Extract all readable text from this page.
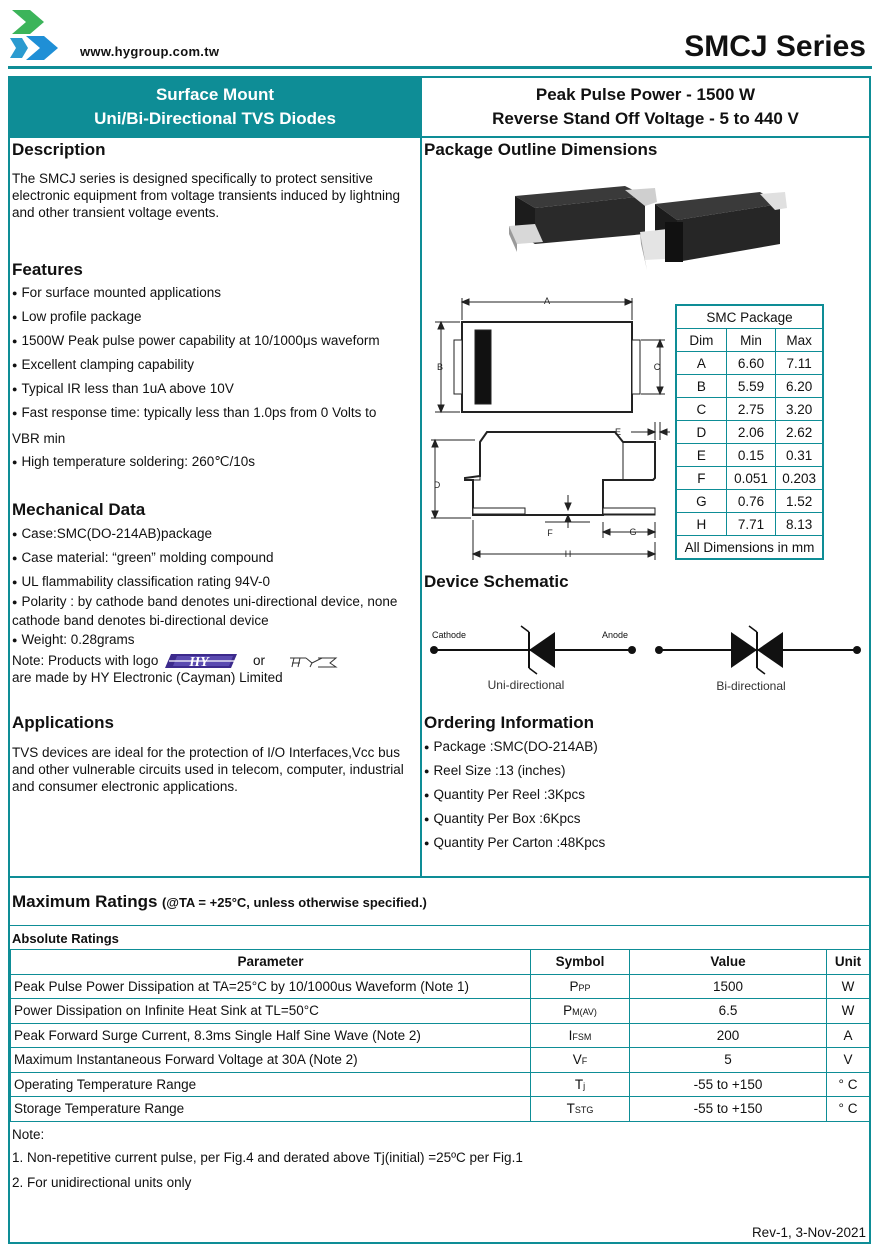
www.hygroup.com.tw	SMCJ Series
Surface Mount
Uni/Bi-Directional TVS Diodes
Peak Pulse Power - 1500 W
Reverse Stand Off Voltage - 5 to 440 V
Description
The SMCJ series is designed specifically to protect sensitive electronic equipment from voltage transients induced by lightning and other transient voltage events.
Features
● For surface mounted applications
● Low profile package
● 1500W Peak pulse power capability at 10/1000μs waveform
● Excellent clamping capability
● Typical IR less than 1uA above 10V
● Fast response time: typically less than 1.0ps from 0 Volts to
VBR min
● High temperature soldering: 260℃/10s
Mechanical Data
● Case:SMC(DO-214AB)package
● Case material: “green” molding compound
● UL flammability classification rating 94V-0
● Polarity : by cathode band denotes uni-directional device, none cathode band denotes bi-directional device
● Weight: 0.28grams
Note: Products with logo HY	or
are made by HY Electronic (Cayman) Limited
Applications
TVS devices are ideal for the protection of I/O Interfaces,Vcc bus and other vulnerable circuits used in telecom, computer, industrial and consumer electronic applications.
Package Outline Dimensions
A
B	C
D
E
F	G
H
SMC Package		
Dim	Min	Max
A	6.60	7.11
B	5.59	6.20
C	2.75	3.20
D	2.06	2.62
E	0.15	0.31
F	0.051	0.203
G	0.76	1.52
H	7.71	8.13
All Dimensions in mm		
Device Schematic
Cathode	Anode
Uni-directional	Bi-directional
Ordering Information
● Package :SMC(DO-214AB)
● Reel Size :13 (inches)
● Quantity Per Reel :3Kpcs
● Quantity Per Box :6Kpcs
● Quantity Per Carton :48Kpcs
Maximum Ratings (@TA = +25°C, unless otherwise specified.)
Absolute Ratings
Parameter	Symbol	Value	Unit
Peak Pulse Power Dissipation at TA=25°C by 10/1000us Waveform (Note 1)	PPP	1500	W
Power Dissipation on Infinite Heat Sink at TL=50°C	PM(AV)	6.5	W
Peak Forward Surge Current, 8.3ms Single Half Sine Wave (Note 2)	IFSM	200	A
Maximum Instantaneous Forward Voltage at 30A (Note 2)	VF	5	V
Operating Temperature Range	Tj	-55 to +150	° C
Storage Temperature Range	TSTG	-55 to +150	° C
Note:
1. Non-repetitive current pulse, per Fig.4 and derated above Tj(initial) =25ºC per Fig.1
2. For unidirectional units only
Rev-1, 3-Nov-2021
